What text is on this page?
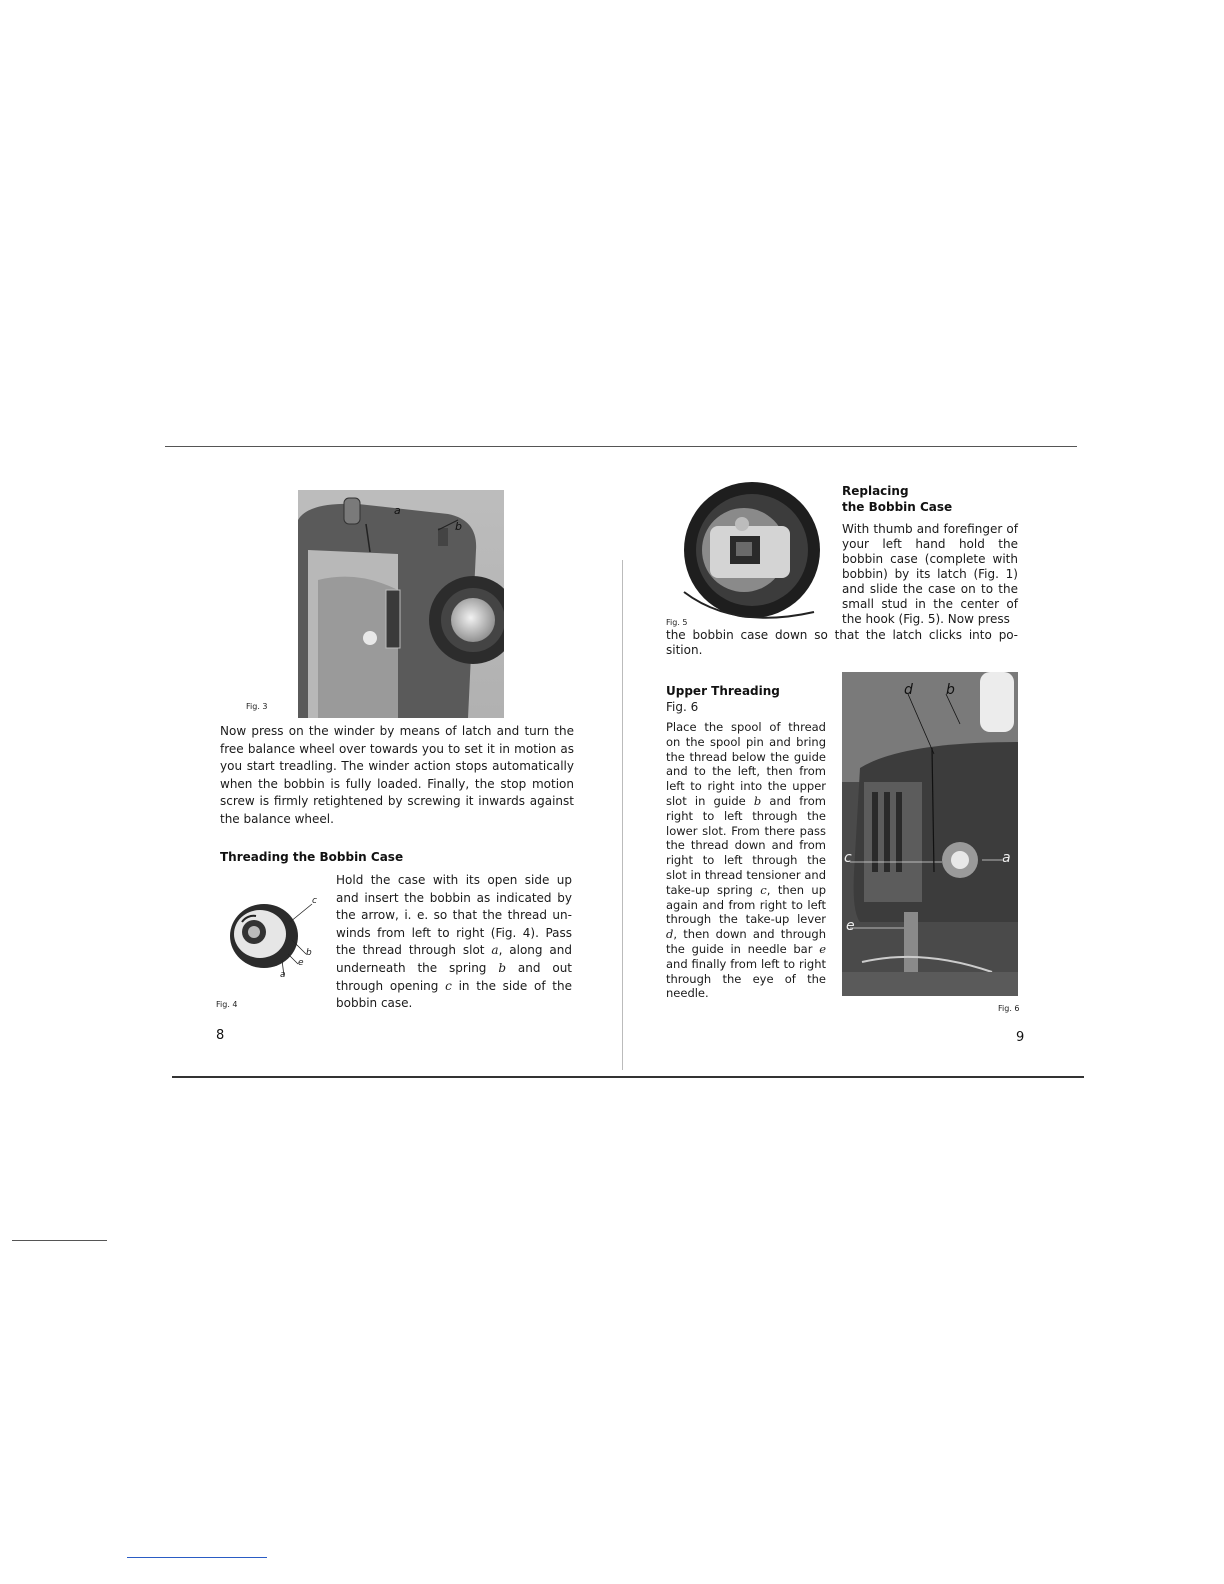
a
b
Fig. 3

Now press on the winder by means of latch and turn the free balance wheel over towards you to set it in motion as you start treadling. The winder action stops automatically when the bobbin is fully loaded. Finally, the stop motion screw is firmly retightened by screwing it inwards against the balance wheel.

Threading the Bobbin Case
c
b
e
a
Fig. 4

Hold the case with its open side up and insert the bobbin as indicated by the arrow, i. e. so that the thread unwinds from left to right (Fig. 4). Pass the thread through slot a, along and underneath the spring b and out through opening c in the side of the bobbin case.

8
Fig. 5
Replacing
the Bobbin Case

With thumb and forefinger of your left hand hold the bobbin case (complete with bobbin) by its latch (Fig. 1) and slide the case on to the small stud in the center of the hook (Fig. 5). Now press

the bobbin case down so that the latch clicks into position.

Upper Threading
Fig. 6

Place the spool of thread on the spool pin and bring the thread below the guide and to the left, then from left to right into the upper slot in guide b and from right to left through the lower slot. From there pass the thread down and from right to left through the slot in thread tensioner and take-up spring c, then up again and from right to left through the take-up lever d, then down and through the guide in needle bar e and finally from left to right through the eye of the needle.

d b
a
c
e
Fig. 6
9
